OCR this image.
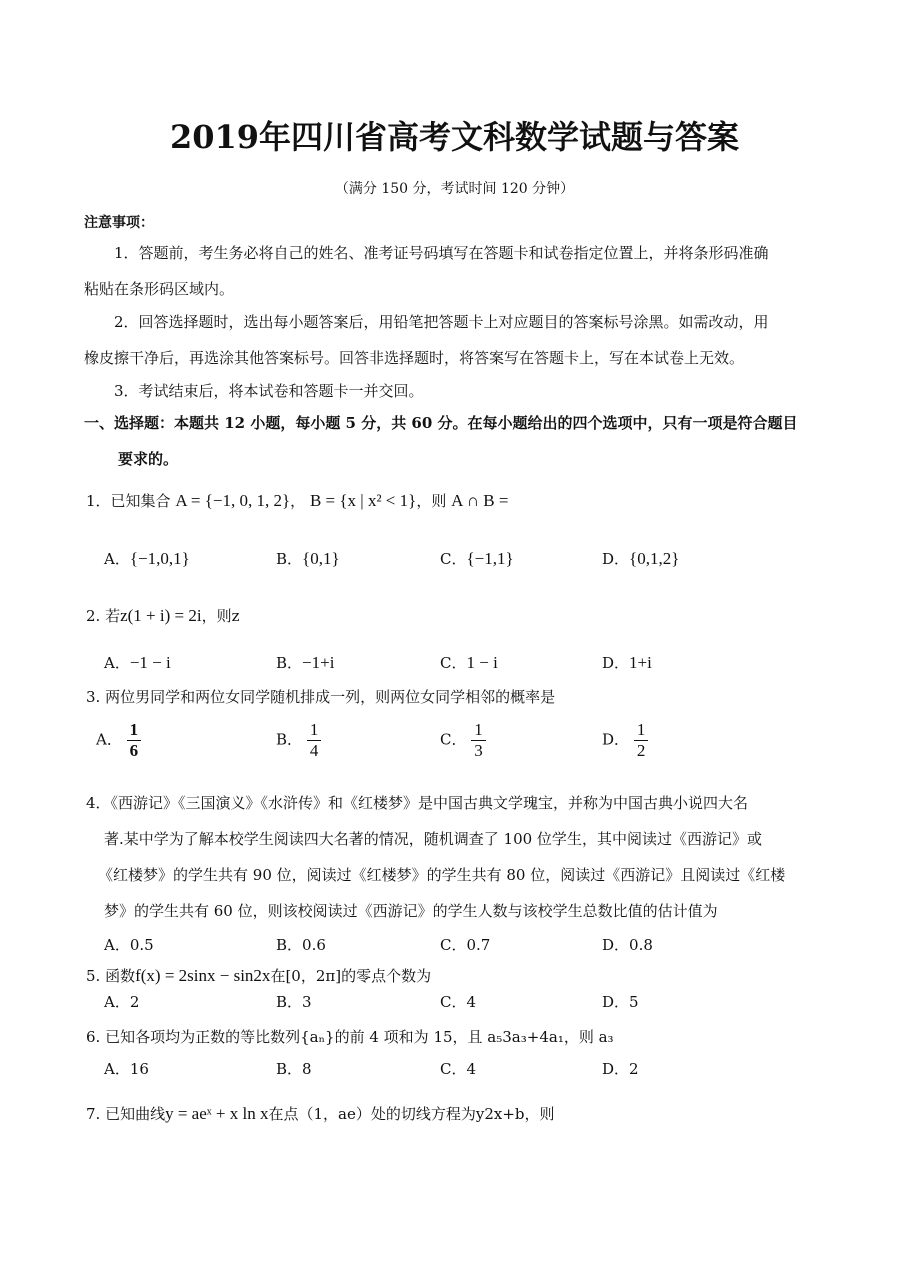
2019年四川省高考文科数学试题与答案
（满分 150 分，考试时间 120 分钟）
注意事项：
1．答题前，考生务必将自己的姓名、准考证号码填写在答题卡和试卷指定位置上，并将条形码准确
粘贴在条形码区域内。
2．回答选择题时，选出每小题答案后，用铅笔把答题卡上对应题目的答案标号涂黑。如需改动，用
橡皮擦干净后，再选涂其他答案标号。回答非选择题时，将答案写在答题卡上，写在本试卷上无效。
3．考试结束后，将本试卷和答题卡一并交回。
一、选择题：本题共 12 小题，每小题 5 分，共 60 分。在每小题给出的四个选项中，只有一项是符合题目
要求的。
1．已知集合 A = {−1, 0, 1, 2}， B = {x | x² < 1}，则 A ∩ B =
A．{−1,0,1}	B．{0,1}	C．{−1,1}	D．{0,1,2}
2. 若z(1 + i) = 2i，则z
A．−1 − i	B．−1+i	C．1 − i	D．1+i
3. 两位男同学和两位女同学随机排成一列，则两位女同学相邻的概率是
A． $\frac{1}{6}$	B． $\frac{1}{4}$	C． $\frac{1}{3}$	D． $\frac{1}{2}$
4．《西游记》《三国演义》《水浒传》和《红楼梦》是中国古典文学瑰宝，并称为中国古典小说四大名
著.某中学为了解本校学生阅读四大名著的情况，随机调查了 100 位学生，其中阅读过《西游记》或
《红楼梦》的学生共有 90 位，阅读过《红楼梦》的学生共有 80 位，阅读过《西游记》且阅读过《红楼
梦》的学生共有 60 位，则该校阅读过《西游记》的学生人数与该校学生总数比值的估计值为
A．0.5	B．0.6	C．0.7	D．0.8
5. 函数f(x) = 2sinx − sin2x在[0，2π]的零点个数为
A．2	B．3	C．4	D．5
6. 已知各项均为正数的等比数列{aₙ}的前 4 项和为 15，且 a₅3a₃+4a₁，则 a₃
A．16	B．8	C．4	D．2
7. 已知曲线y = aeˣ + x ln x在点（1，ae）处的切线方程为y2x+b，则
